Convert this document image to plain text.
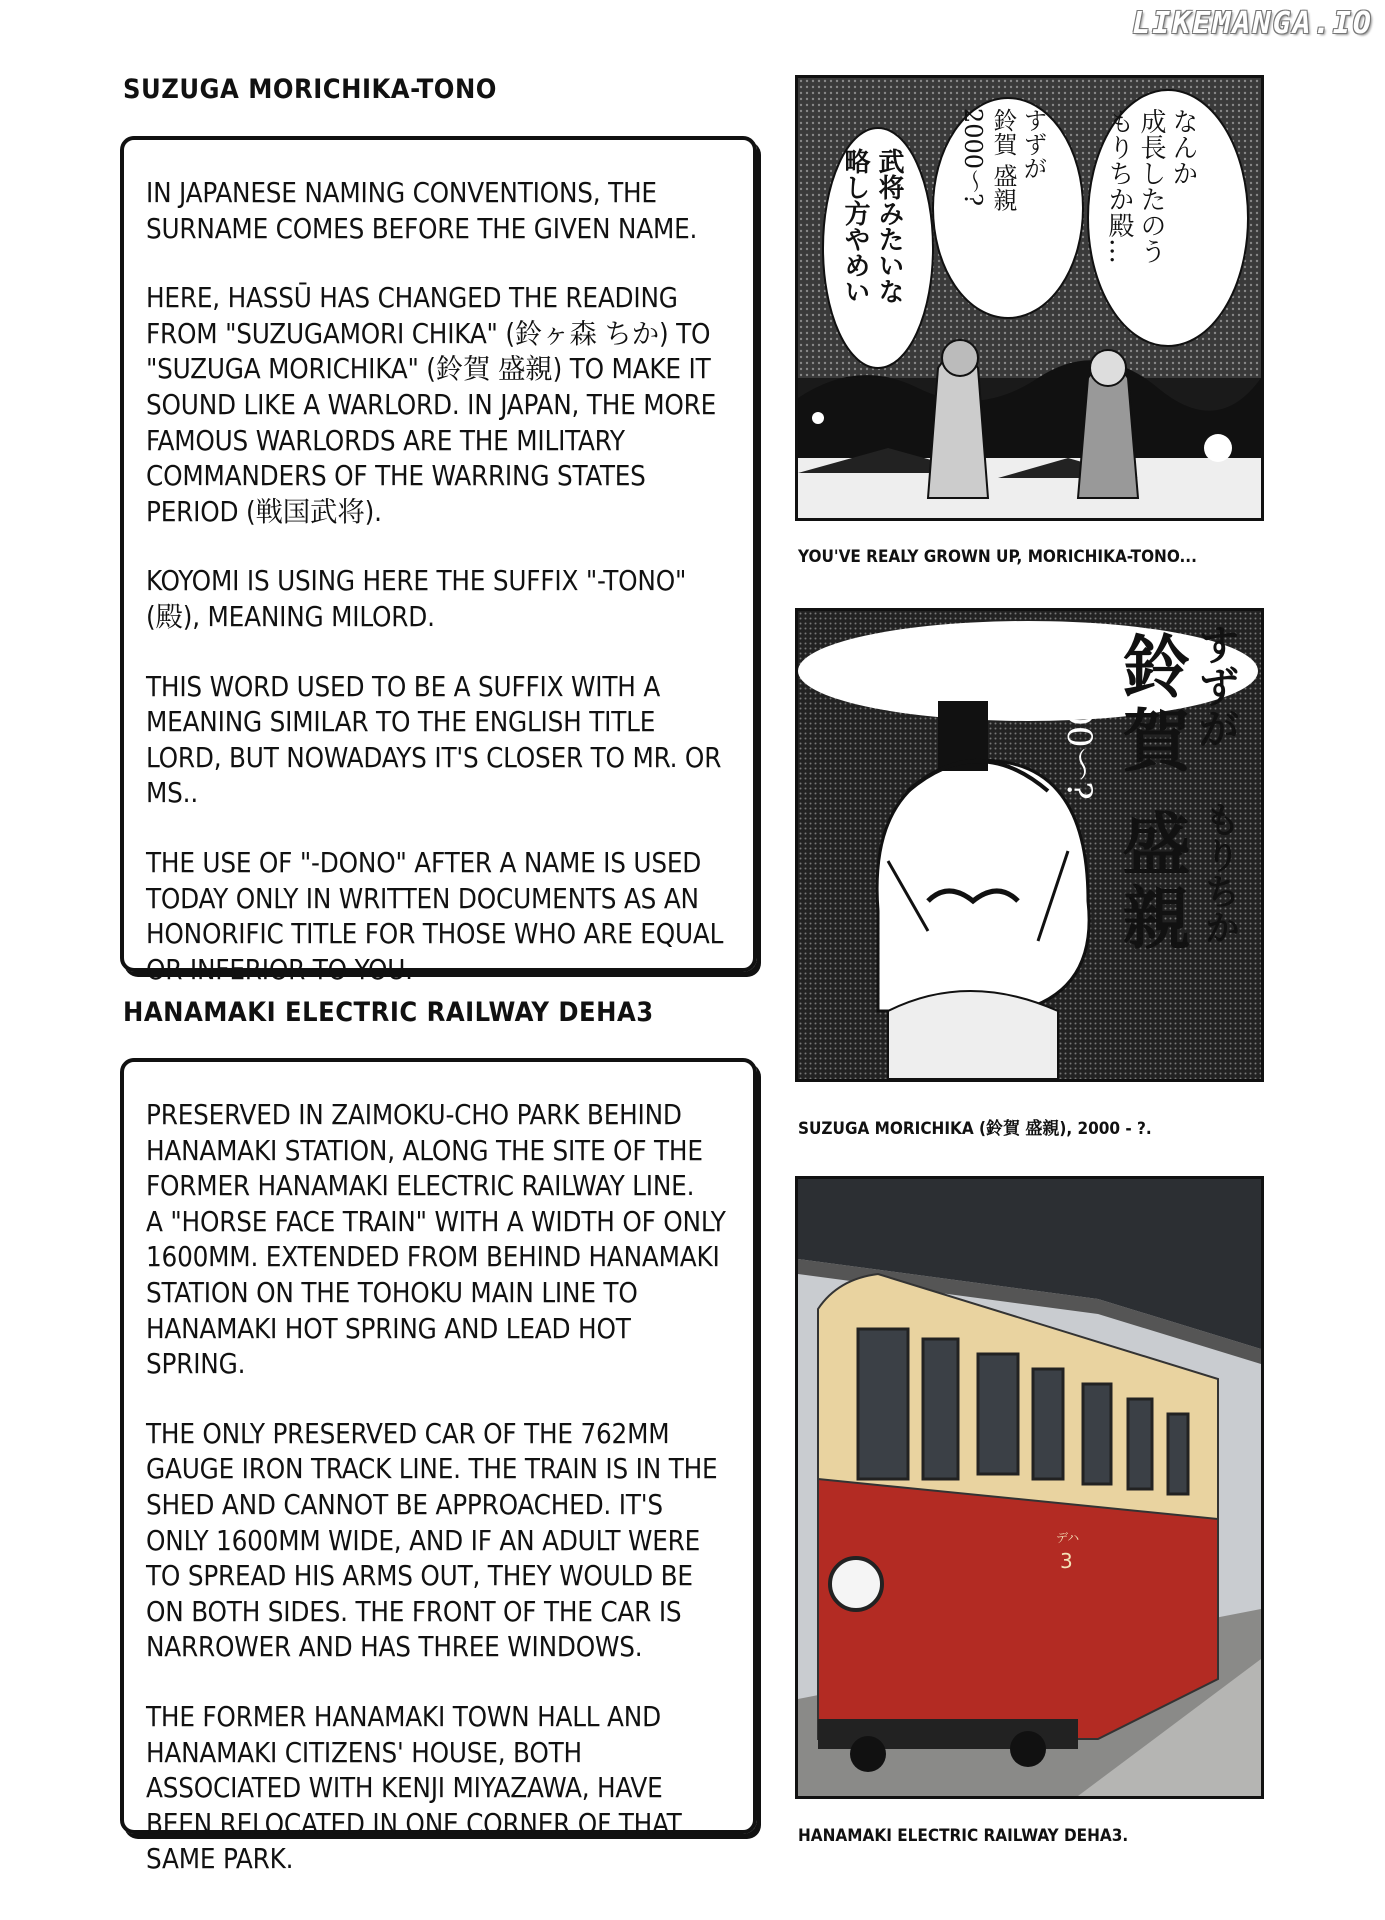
LIKEMANGA.IO
SUZUGA MORICHIKA-TONO

IN JAPANESE NAMING CONVENTIONS, THE SURNAME COMES BEFORE THE GIVEN NAME.

HERE, HASSŪ HAS CHANGED THE READING FROM "SUZUGAMORI CHIKA" (鈴ヶ森 ちか) TO "SUZUGA MORICHIKA" (鈴賀 盛親) TO MAKE IT SOUND LIKE A WARLORD. IN JAPAN, THE MORE FAMOUS WARLORDS ARE THE MILITARY COMMANDERS OF THE WARRING STATES PERIOD (戦国武将).

KOYOMI IS USING HERE THE SUFFIX "-TONO" (殿), MEANING MILORD.

THIS WORD USED TO BE A SUFFIX WITH A MEANING SIMILAR TO THE ENGLISH TITLE LORD, BUT NOWADAYS IT'S CLOSER TO MR. OR MS..

THE USE OF "-DONO" AFTER A NAME IS USED TODAY ONLY IN WRITTEN DOCUMENTS AS AN HONORIFIC TITLE FOR THOSE WHO ARE EQUAL OR INFERIOR TO YOU.

HANAMAKI ELECTRIC RAILWAY DEHA3

PRESERVED IN ZAIMOKU-CHO PARK BEHIND HANAMAKI STATION, ALONG THE SITE OF THE FORMER HANAMAKI ELECTRIC RAILWAY LINE.
A "HORSE FACE TRAIN" WITH A WIDTH OF ONLY 1600MM. EXTENDED FROM BEHIND HANAMAKI STATION ON THE TOHOKU MAIN LINE TO HANAMAKI HOT SPRING AND LEAD HOT SPRING.

THE ONLY PRESERVED CAR OF THE 762MM GAUGE IRON TRACK LINE. THE TRAIN IS IN THE SHED AND CANNOT BE APPROACHED. IT'S ONLY 1600MM WIDE, AND IF AN ADULT WERE TO SPREAD HIS ARMS OUT, THEY WOULD BE ON BOTH SIDES. THE FRONT OF THE CAR IS NARROWER AND HAS THREE WINDOWS.

THE FORMER HANAMAKI TOWN HALL AND HANAMAKI CITIZENS' HOUSE, BOTH ASSOCIATED WITH KENJI MIYAZAWA, HAVE BEEN RELOCATED IN ONE CORNER OF THAT SAME PARK.

なんか
成長したのう
もりちか殿…
すずが
鈴賀 盛親
2000〜?
武将みたいな
略し方やめい
YOU'VE REALY GROWN UP, MORICHIKA-TONO...
すずが
鈴賀 盛親 もりちか
2000〜?
SUZUGA MORICHIKA (鈴賀 盛親), 2000 - ?.
3
デハ
HANAMAKI ELECTRIC RAILWAY DEHA3.
